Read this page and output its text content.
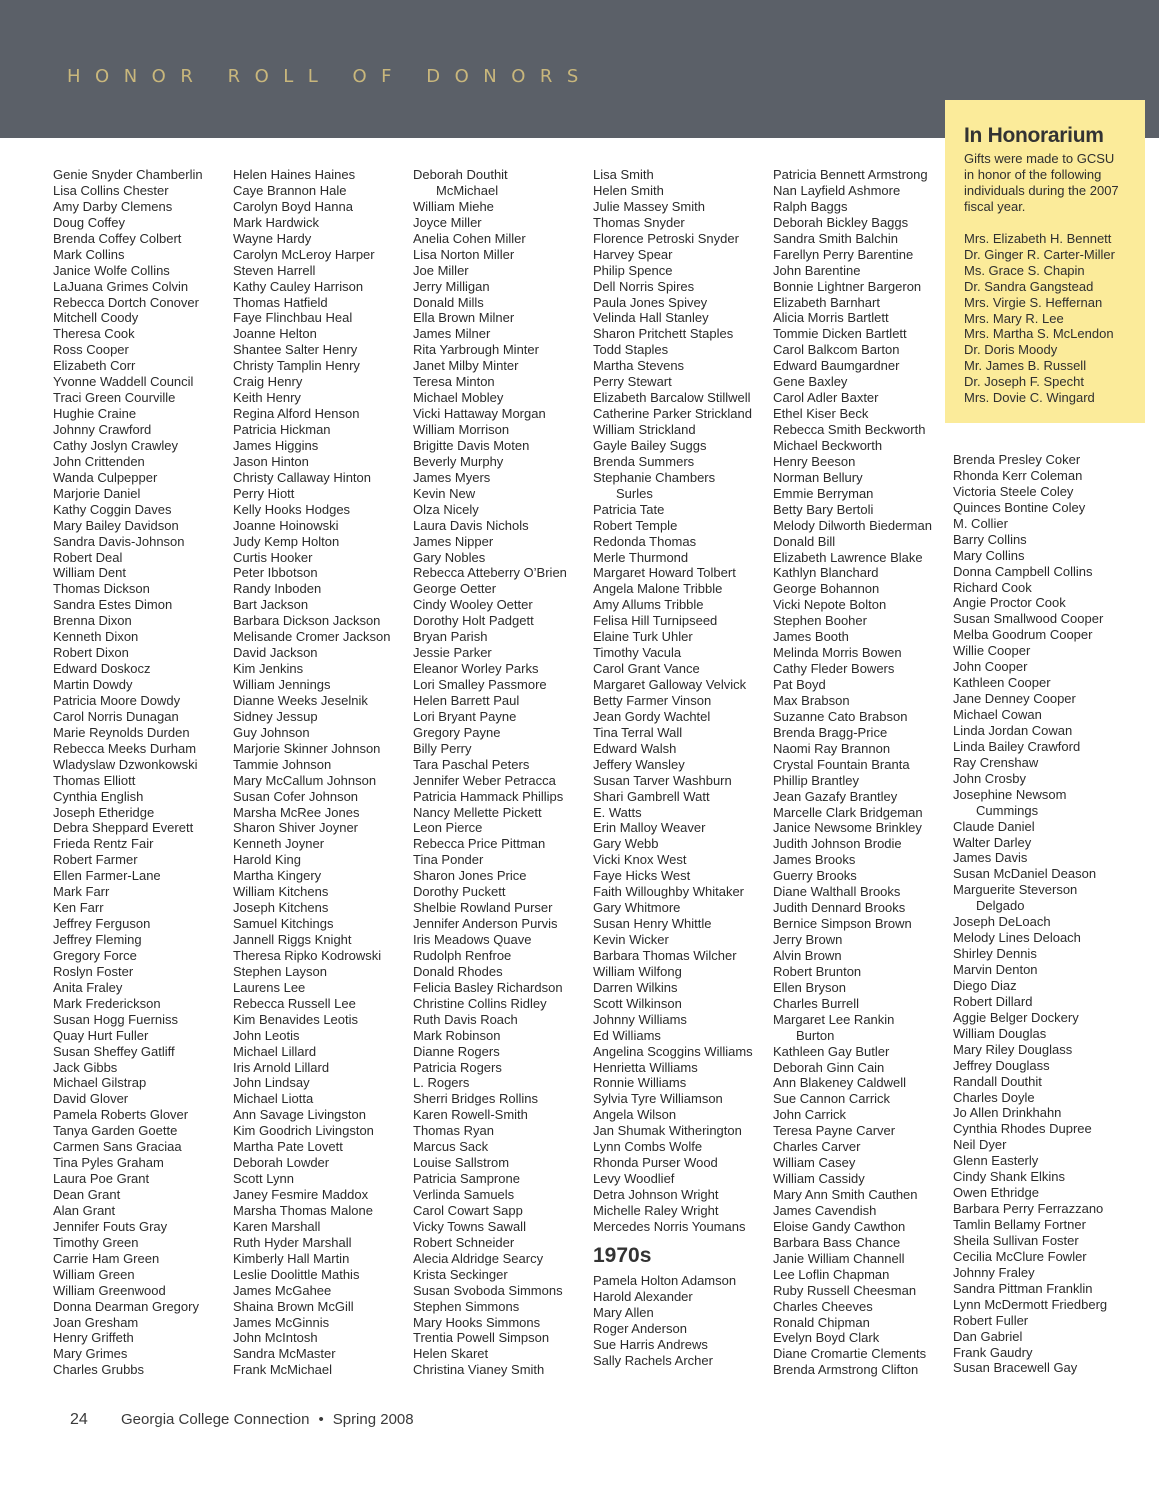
HONOR ROLL OF DONORS
In Honorarium
Gifts were made to GCSU in honor of the following individuals during the 2007 fiscal year.
Mrs. Elizabeth H. Bennett
Dr. Ginger R. Carter-Miller
Ms. Grace S. Chapin
Dr. Sandra Gangstead
Mrs. Virgie S. Heffernan
Mrs. Mary R. Lee
Mrs. Martha S. McLendon
Dr. Doris Moody
Mr. James B. Russell
Dr. Joseph F. Specht
Mrs. Dovie C. Wingard
Genie Snyder Chamberlin
Lisa Collins Chester
Amy Darby Clemens
Doug Coffey
Brenda Coffey Colbert
Mark Collins
Janice Wolfe Collins
LaJuana Grimes Colvin
Rebecca Dortch Conover
Mitchell Coody
Theresa Cook
Ross Cooper
Elizabeth Corr
Yvonne Waddell Council
Traci Green Courville
Hughie Craine
Johnny Crawford
Cathy Joslyn Crawley
John Crittenden
Wanda Culpepper
Marjorie Daniel
Kathy Coggin Daves
Mary Bailey Davidson
Sandra Davis-Johnson
Robert Deal
William Dent
Thomas Dickson
Sandra Estes Dimon
Brenna Dixon
Kenneth Dixon
Robert Dixon
Edward Doskocz
Martin Dowdy
Patricia Moore Dowdy
Carol Norris Dunagan
Marie Reynolds Durden
Rebecca Meeks Durham
Wladyslaw Dzwonkowski
Thomas Elliott
Cynthia English
Joseph Etheridge
Debra Sheppard Everett
Frieda Rentz Fair
Robert Farmer
Ellen Farmer-Lane
Mark Farr
Ken Farr
Jeffrey Ferguson
Jeffrey Fleming
Gregory Force
Roslyn Foster
Anita Fraley
Mark Frederickson
Susan Hogg Fuerniss
Quay Hurt Fuller
Susan Sheffey Gatliff
Jack Gibbs
Michael Gilstrap
David Glover
Pamela Roberts Glover
Tanya Garden Goette
Carmen Sans Graciaa
Tina Pyles Graham
Laura Poe Grant
Dean Grant
Alan Grant
Jennifer Fouts Gray
Timothy Green
Carrie Ham Green
William Green
William Greenwood
Donna Dearman Gregory
Joan Gresham
Henry Griffeth
Mary Grimes
Charles Grubbs
Helen Haines Haines
Caye Brannon Hale
Carolyn Boyd Hanna
Mark Hardwick
Wayne Hardy
Carolyn McLeroy Harper
Steven Harrell
Kathy Cauley Harrison
Thomas Hatfield
Faye Flinchbau Heal
Joanne Helton
Shantee Salter Henry
Christy Tamplin Henry
Craig Henry
Keith Henry
Regina Alford Henson
Patricia Hickman
James Higgins
Jason Hinton
Christy Callaway Hinton
Perry Hiott
Kelly Hooks Hodges
Joanne Hoinowski
Judy Kemp Holton
Curtis Hooker
Peter Ibbotson
Randy Inboden
Bart Jackson
Barbara Dickson Jackson
Melisande Cromer Jackson
David Jackson
Kim Jenkins
William Jennings
Dianne Weeks Jeselnik
Sidney Jessup
Guy Johnson
Marjorie Skinner Johnson
Tammie Johnson
Mary McCallum Johnson
Susan Cofer Johnson
Marsha McRee Jones
Sharon Shiver Joyner
Kenneth Joyner
Harold King
Martha Kingery
William Kitchens
Joseph Kitchens
Samuel Kitchings
Jannell Riggs Knight
Theresa Ripko Kodrowski
Stephen Layson
Laurens Lee
Rebecca Russell Lee
Kim Benavides Leotis
John Leotis
Michael Lillard
Iris Arnold Lillard
John Lindsay
Michael Liotta
Ann Savage Livingston
Kim Goodrich Livingston
Martha Pate Lovett
Deborah Lowder
Scott Lynn
Janey Fesmire Maddox
Marsha Thomas Malone
Karen Marshall
Ruth Hyder Marshall
Kimberly Hall Martin
Leslie Doolittle Mathis
James McGahee
Shaina Brown McGill
James McGinnis
John McIntosh
Sandra McMaster
Frank McMichael
Deborah Douthit
McMichael
William Miehe
Joyce Miller
Anelia Cohen Miller
Lisa Norton Miller
Joe Miller
Jerry Milligan
Donald Mills
Ella Brown Milner
James Milner
Rita Yarbrough Minter
Janet Milby Minter
Teresa Minton
Michael Mobley
Vicki Hattaway Morgan
William Morrison
Brigitte Davis Moten
Beverly Murphy
James Myers
Kevin New
Olza Nicely
Laura Davis Nichols
James Nipper
Gary Nobles
Rebecca Atteberry O’Brien
George Oetter
Cindy Wooley Oetter
Dorothy Holt Padgett
Bryan Parish
Jessie Parker
Eleanor Worley Parks
Lori Smalley Passmore
Helen Barrett Paul
Lori Bryant Payne
Gregory Payne
Billy Perry
Tara Paschal Peters
Jennifer Weber Petracca
Patricia Hammack Phillips
Nancy Mellette Pickett
Leon Pierce
Rebecca Price Pittman
Tina Ponder
Sharon Jones Price
Dorothy Puckett
Shelbie Rowland Purser
Jennifer Anderson Purvis
Iris Meadows Quave
Rudolph Renfroe
Donald Rhodes
Felicia Basley Richardson
Christine Collins Ridley
Ruth Davis Roach
Mark Robinson
Dianne Rogers
Patricia Rogers
L. Rogers
Sherri Bridges Rollins
Karen Rowell-Smith
Thomas Ryan
Marcus Sack
Louise Sallstrom
Patricia Samprone
Verlinda Samuels
Carol Cowart Sapp
Vicky Towns Sawall
Robert Schneider
Alecia Aldridge Searcy
Krista Seckinger
Susan Svoboda Simmons
Stephen Simmons
Mary Hooks Simmons
Trentia Powell Simpson
Helen Skaret
Christina Vianey Smith
Lisa Smith
Helen Smith
Julie Massey Smith
Thomas Snyder
Florence Petroski Snyder
Harvey Spear
Philip Spence
Dell Norris Spires
Paula Jones Spivey
Velinda Hall Stanley
Sharon Pritchett Staples
Todd Staples
Martha Stevens
Perry Stewart
Elizabeth Barcalow Stillwell
Catherine Parker Strickland
William Strickland
Gayle Bailey Suggs
Brenda Summers
Stephanie Chambers
Surles
Patricia Tate
Robert Temple
Redonda Thomas
Merle Thurmond
Margaret Howard Tolbert
Angela Malone Tribble
Amy Allums Tribble
Felisa Hill Turnipseed
Elaine Turk Uhler
Timothy Vacula
Carol Grant Vance
Margaret Galloway Velvick
Betty Farmer Vinson
Jean Gordy Wachtel
Tina Terral Wall
Edward Walsh
Jeffery Wansley
Susan Tarver Washburn
Shari Gambrell Watt
E. Watts
Erin Malloy Weaver
Gary Webb
Vicki Knox West
Faye Hicks West
Faith Willoughby Whitaker
Gary Whitmore
Susan Henry Whittle
Kevin Wicker
Barbara Thomas Wilcher
William Wilfong
Darren Wilkins
Scott Wilkinson
Johnny Williams
Ed Williams
Angelina Scoggins Williams
Henrietta Williams
Ronnie Williams
Sylvia Tyre Williamson
Angela Wilson
Jan Shumak Witherington
Lynn Combs Wolfe
Rhonda Purser Wood
Levy Woodlief
Detra Johnson Wright
Michelle Raley Wright
Mercedes Norris Youmans
1970s
Pamela Holton Adamson
Harold Alexander
Mary Allen
Roger Anderson
Sue Harris Andrews
Sally Rachels Archer
Patricia Bennett Armstrong
Nan Layfield Ashmore
Ralph Baggs
Deborah Bickley Baggs
Sandra Smith Balchin
Farellyn Perry Barentine
John Barentine
Bonnie Lightner Bargeron
Elizabeth Barnhart
Alicia Morris Bartlett
Tommie Dicken Bartlett
Carol Balkcom Barton
Edward Baumgardner
Gene Baxley
Carol Adler Baxter
Ethel Kiser Beck
Rebecca Smith Beckworth
Michael Beckworth
Henry Beeson
Norman Bellury
Emmie Berryman
Betty Bary Bertoli
Melody Dilworth Biederman
Donald Bill
Elizabeth Lawrence Blake
Kathlyn Blanchard
George Bohannon
Vicki Nepote Bolton
Stephen Booher
James Booth
Melinda Morris Bowen
Cathy Fleder Bowers
Pat Boyd
Max Brabson
Suzanne Cato Brabson
Brenda Bragg-Price
Naomi Ray Brannon
Crystal Fountain Branta
Phillip Brantley
Jean Gazafy Brantley
Marcelle Clark Bridgeman
Janice Newsome Brinkley
Judith Johnson Brodie
James Brooks
Guerry Brooks
Diane Walthall Brooks
Judith Dennard Brooks
Bernice Simpson Brown
Jerry Brown
Alvin Brown
Robert Brunton
Ellen Bryson
Charles Burrell
Margaret Lee Rankin
Burton
Kathleen Gay Butler
Deborah Ginn Cain
Ann Blakeney Caldwell
Sue Cannon Carrick
John Carrick
Teresa Payne Carver
Charles Carver
William Casey
William Cassidy
Mary Ann Smith Cauthen
James Cavendish
Eloise Gandy Cawthon
Barbara Bass Chance
Janie William Channell
Lee Loflin Chapman
Ruby Russell Cheesman
Charles Cheeves
Ronald Chipman
Evelyn Boyd Clark
Diane Cromartie Clements
Brenda Armstrong Clifton
Brenda Presley Coker
Rhonda Kerr Coleman
Victoria Steele Coley
Quinces Bontine Coley
M. Collier
Barry Collins
Mary Collins
Donna Campbell Collins
Richard Cook
Angie Proctor Cook
Susan Smallwood Cooper
Melba Goodrum Cooper
Willie Cooper
John Cooper
Kathleen Cooper
Jane Denney Cooper
Michael Cowan
Linda Jordan Cowan
Linda Bailey Crawford
Ray Crenshaw
John Crosby
Josephine Newsom
Cummings
Claude Daniel
Walter Darley
James Davis
Susan McDaniel Deason
Marguerite Steverson
Delgado
Joseph DeLoach
Melody Lines Deloach
Shirley Dennis
Marvin Denton
Diego Diaz
Robert Dillard
Aggie Belger Dockery
William Douglas
Mary Riley Douglass
Jeffrey Douglass
Randall Douthit
Charles Doyle
Jo Allen Drinkhahn
Cynthia Rhodes Dupree
Neil Dyer
Glenn Easterly
Cindy Shank Elkins
Owen Ethridge
Barbara Perry Ferrazzano
Tamlin Bellamy Fortner
Sheila Sullivan Foster
Cecilia McClure Fowler
Johnny Fraley
Sandra Pittman Franklin
Lynn McDermott Friedberg
Robert Fuller
Dan Gabriel
Frank Gaudry
Susan Bracewell Gay
24 Georgia College Connection • Spring 2008
